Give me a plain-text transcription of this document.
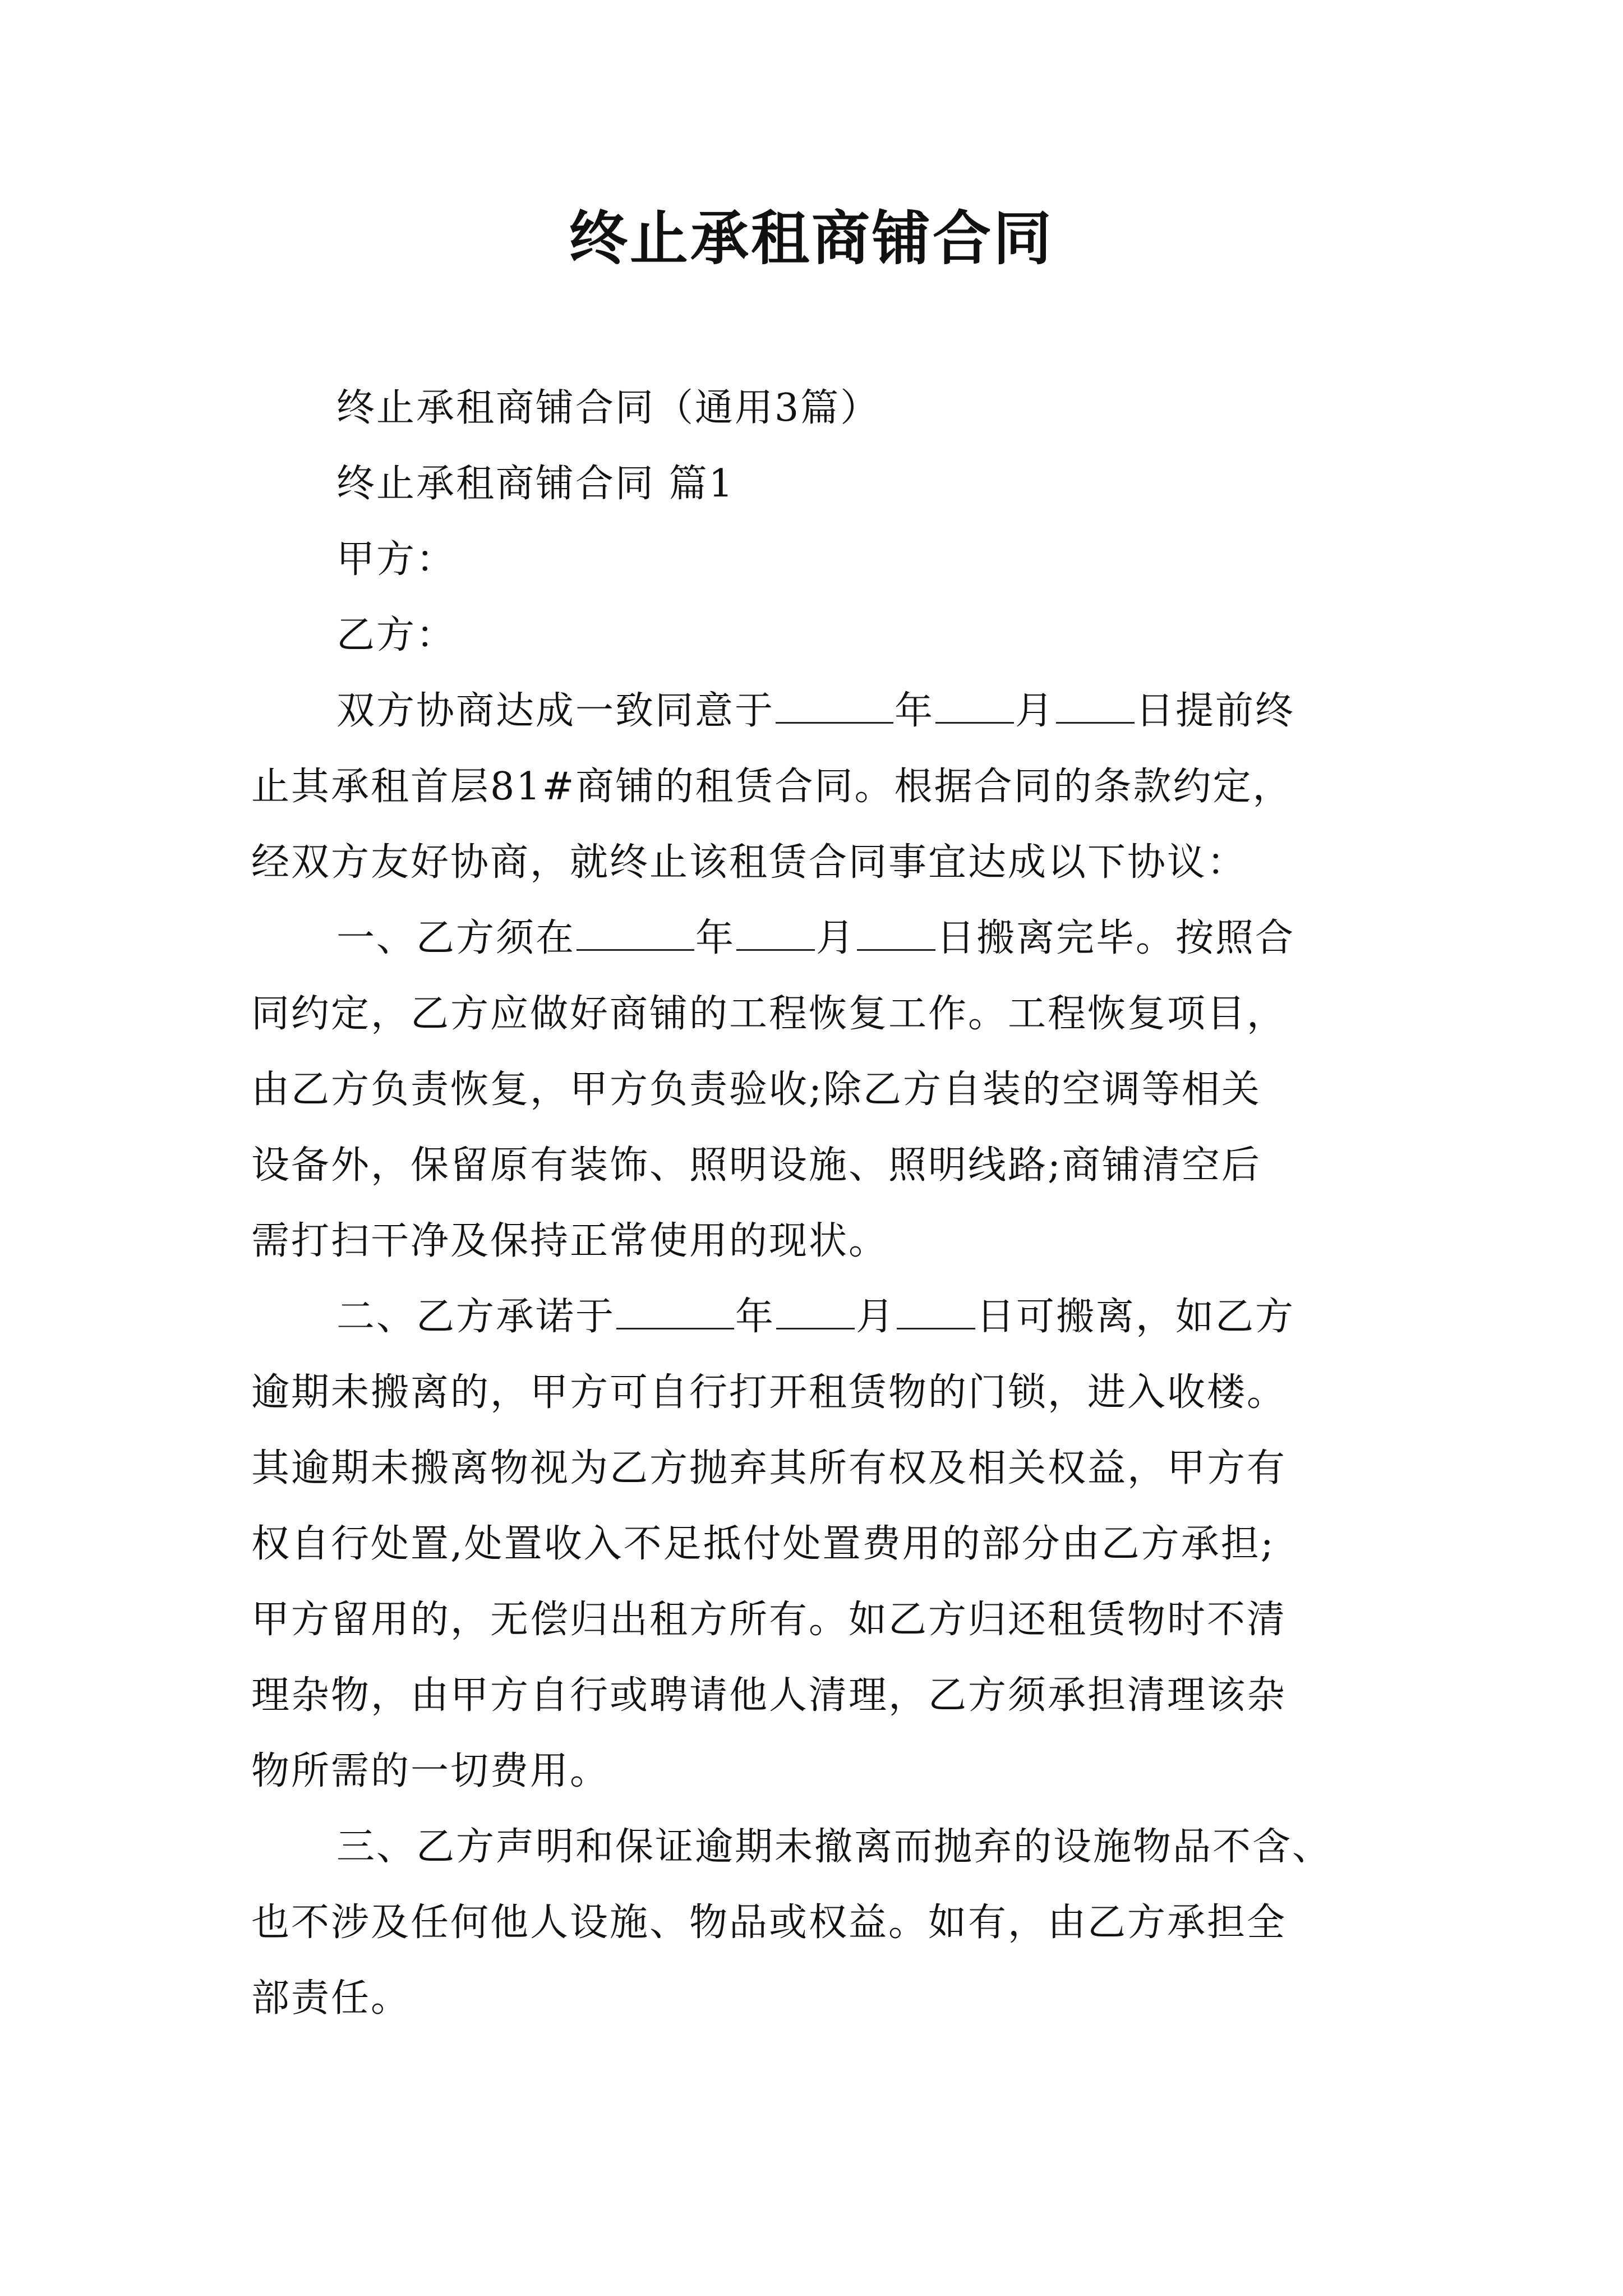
终止承租商铺合同
终止承租商铺合同（通用3篇）
终止承租商铺合同 篇1
甲方：
乙方：
双方协商达成一致同意于	年 月 日提前终
止其承租首层81#商铺的租赁合同。根据合同的条款约定，
经双方友好协商，就终止该租赁合同事宜达成以下协议：
一、乙方须在	年 月 日搬离完毕。按照合
同约定，乙方应做好商铺的工程恢复工作。工程恢复项目，
由乙方负责恢复，甲方负责验收;除乙方自装的空调等相关
设备外，保留原有装饰、照明设施、照明线路;商铺清空后
需打扫干净及保持正常使用的现状。
二、乙方承诺于	年 月 日可搬离，如乙方
逾期未搬离的，甲方可自行打开租赁物的门锁，进入收楼。
其逾期未搬离物视为乙方抛弃其所有权及相关权益，甲方有
权自行处置,处置收入不足抵付处置费用的部分由乙方承担;
甲方留用的，无偿归出租方所有。如乙方归还租赁物时不清
理杂物，由甲方自行或聘请他人清理，乙方须承担清理该杂
物所需的一切费用。
三、乙方声明和保证逾期未撤离而抛弃的设施物品不含、
也不涉及任何他人设施、物品或权益。如有，由乙方承担全
部责任。
